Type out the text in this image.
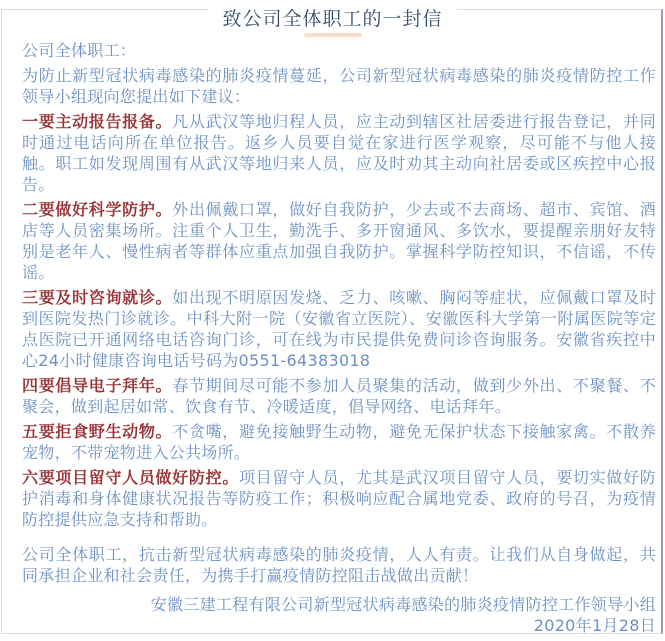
致公司全体职工的一封信

公司全体职工：

为防止新型冠状病毒感染的肺炎疫情蔓延，公司新型冠状病毒感染的肺炎疫情防控工作领导小组现向您提出如下建议：

一要主动报告报备。凡从武汉等地归程人员，应主动到辖区社居委进行报告登记，并同时通过电话向所在单位报告。返乡人员要自觉在家进行医学观察，尽可能不与他人接触。职工如发现周围有从武汉等地归来人员，应及时劝其主动向社居委或区疾控中心报告。

二要做好科学防护。外出佩戴口罩，做好自我防护，少去或不去商场、超市、宾馆、酒店等人员密集场所。注重个人卫生，勤洗手、多开窗通风、多饮水，要提醒亲朋好友特别是老年人、慢性病者等群体应重点加强自我防护。掌握科学防控知识，不信谣，不传谣。

三要及时咨询就诊。如出现不明原因发烧、乏力、咳嗽、胸闷等症状，应佩戴口罩及时到医院发热门诊就诊。中科大附一院（安徽省立医院）、安徽医科大学第一附属医院等定点医院已开通网络电话咨询门诊，可在线为市民提供免费问诊咨询服务。安徽省疾控中心24小时健康咨询电话号码为0551-64383018

四要倡导电子拜年。春节期间尽可能不参加人员聚集的活动，做到少外出、不聚餐、不聚会，做到起居如常、饮食有节、冷暖适度，倡导网络、电话拜年。

五要拒食野生动物。不贪嘴，避免接触野生动物，避免无保护状态下接触家禽。不散养宠物，不带宠物进入公共场所。

六要项目留守人员做好防控。项目留守人员，尤其是武汉项目留守人员，要切实做好防护消毒和身体健康状况报告等防疫工作；积极响应配合属地党委、政府的号召，为疫情防控提供应急支持和帮助。

公司全体职工，抗击新型冠状病毒感染的肺炎疫情，人人有责。让我们从自身做起，共同承担企业和社会责任，为携手打赢疫情防控阻击战做出贡献！

安徽三建工程有限公司新型冠状病毒感染的肺炎疫情防控工作领导小组

2020年1月28日
